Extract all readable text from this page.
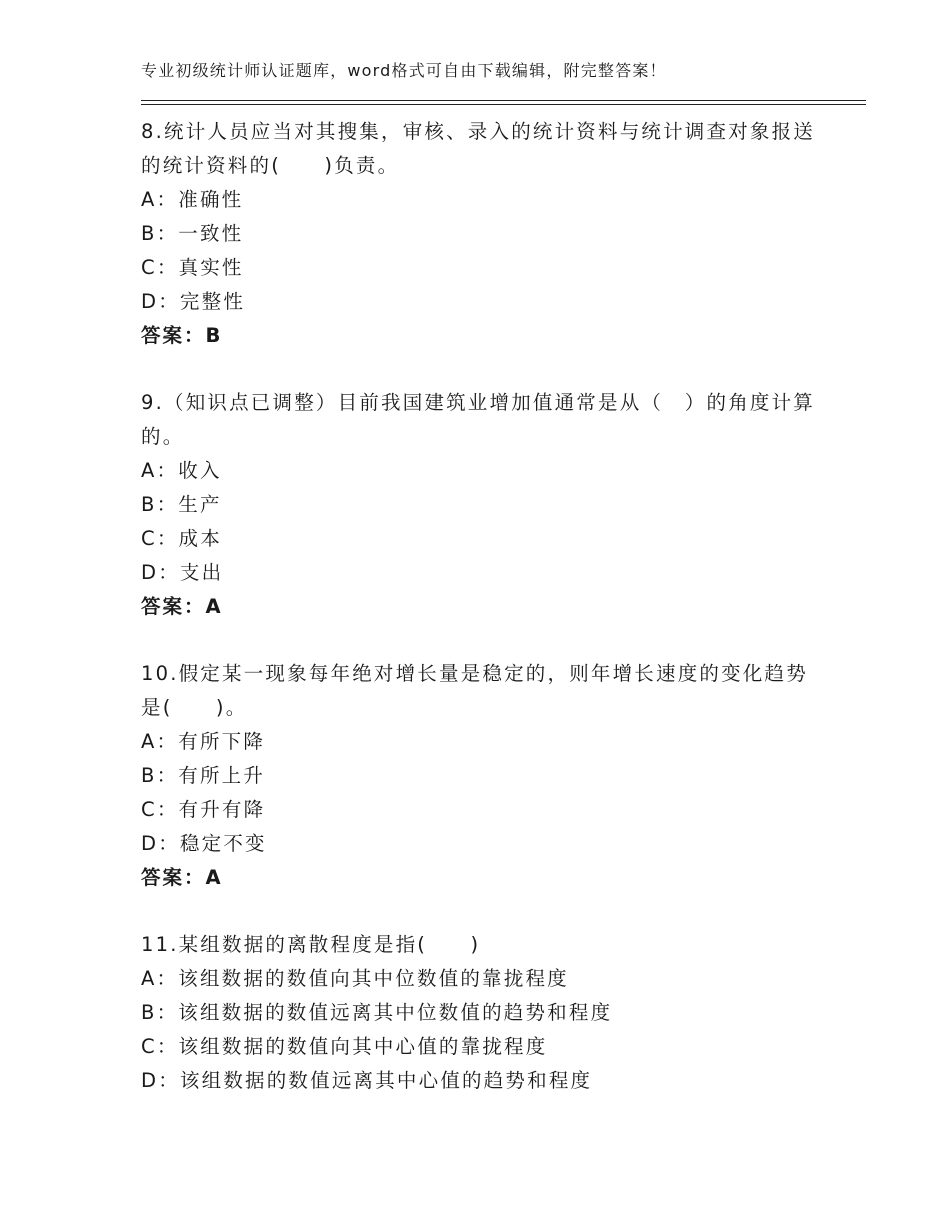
专业初级统计师认证题库，word格式可自由下载编辑，附完整答案！

8.统计人员应当对其搜集，审核、录入的统计资料与统计调查对象报送的统计资料的(　　)负责。

A：准确性

B：一致性

C：真实性

D：完整性

答案：B

9.（知识点已调整）目前我国建筑业增加值通常是从（　）的角度计算的。

A：收入

B：生产

C：成本

D：支出

答案：A

10.假定某一现象每年绝对增长量是稳定的，则年增长速度的变化趋势是(　　)。

A：有所下降

B：有所上升

C：有升有降

D：稳定不变

答案：A

11.某组数据的离散程度是指(　　)

A：该组数据的数值向其中位数值的靠拢程度

B：该组数据的数值远离其中位数值的趋势和程度

C：该组数据的数值向其中心值的靠拢程度

D：该组数据的数值远离其中心值的趋势和程度
